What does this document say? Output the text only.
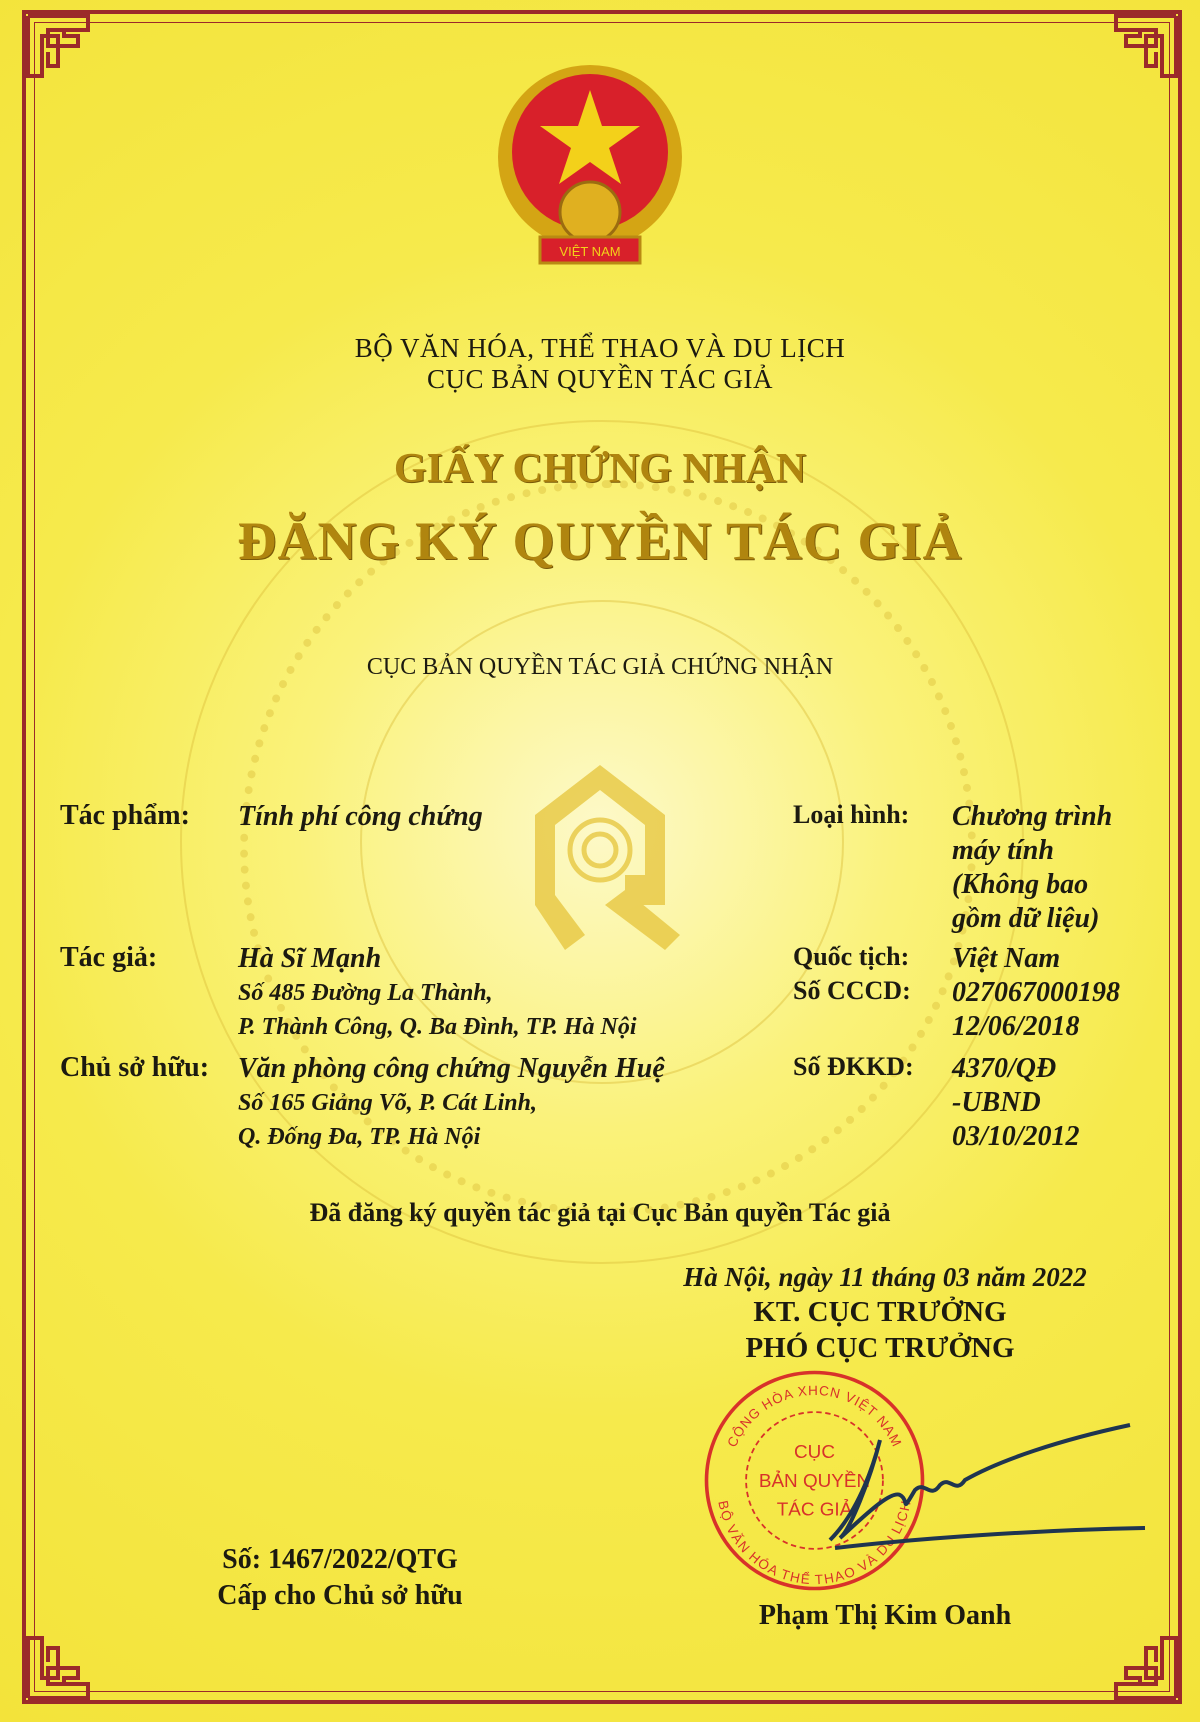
VIỆT NAM
BỘ VĂN HÓA, THỂ THAO VÀ DU LỊCH
CỤC BẢN QUYỀN TÁC GIẢ
GIẤY CHỨNG NHẬN
ĐĂNG KÝ QUYỀN TÁC GIẢ
CỤC BẢN QUYỀN TÁC GIẢ CHỨNG NHẬN
Tác phẩm: Tính phí công chứng
Tác giả:	Hà Sĩ Mạnh
Số 485 Đường La Thành,
P. Thành Công, Q. Ba Đình, TP. Hà Nội
Chủ sở hữu: Văn phòng công chứng Nguyễn Huệ
Số 165 Giảng Võ, P. Cát Linh,
Q. Đống Đa, TP. Hà Nội
Loại hình: Chương trình
máy tính
(Không bao
gồm dữ liệu)
Quốc tịch: Việt Nam
Số CCCD: 027067000198
12/06/2018
Số ĐKKD: 4370/QĐ
-UBND
03/10/2012
Đã đăng ký quyền tác giả tại Cục Bản quyền Tác giả
Hà Nội, ngày 11 tháng 03 năm 2022
KT. CỤC TRƯỞNG
PHÓ CỤC TRƯỞNG
CỘNG HÒA XHCN VIỆT NAM
BỘ VĂN HÓA THỂ THAO VÀ DU LỊCH
CỤC
BẢN QUYỀN
TÁC GIẢ
Phạm Thị Kim Oanh
Số: 1467/2022/QTG
Cấp cho Chủ sở hữu
